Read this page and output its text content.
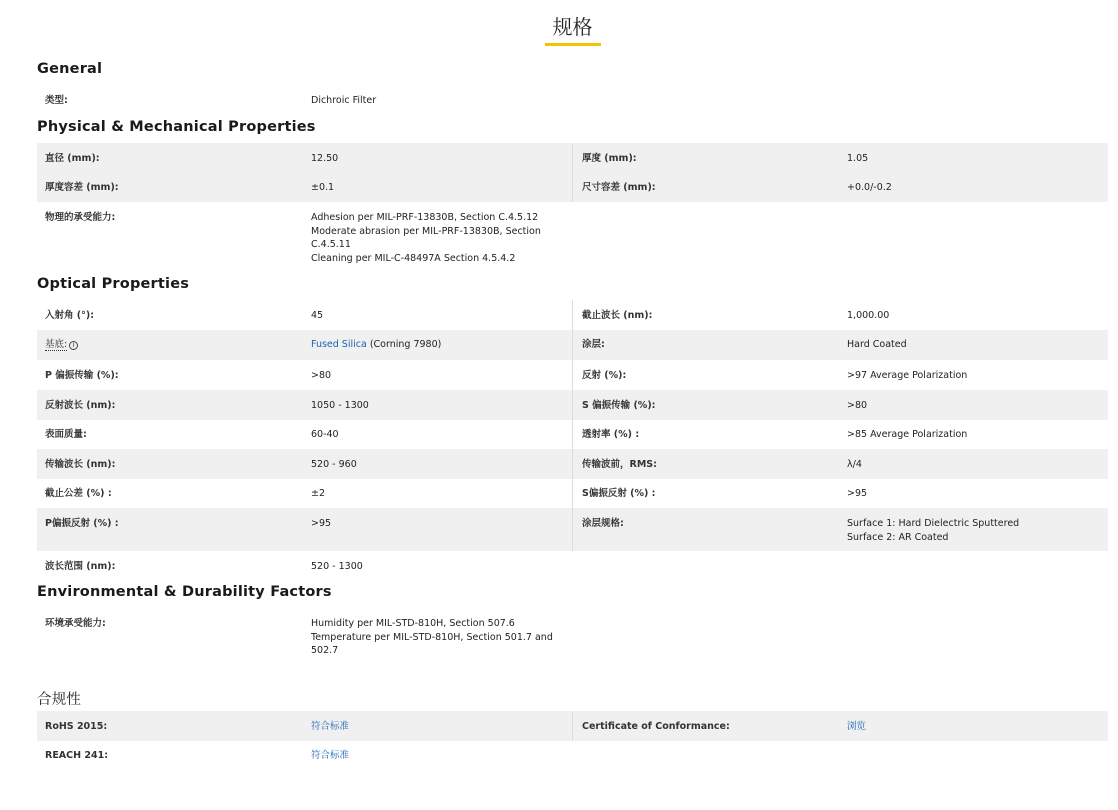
规格
General
类型:	Dichroic Filter
Physical & Mechanical Properties
直径 (mm):	12.50	厚度 (mm):	1.05
厚度容差 (mm):	±0.1	尺寸容差 (mm):	+0.0/-0.2
物理的承受能力:	Adhesion per MIL-PRF-13830B, Section C.4.5.12
Moderate abrasion per MIL-PRF-13830B, Section
C.4.5.11
Cleaning per MIL-C-48497A Section 4.5.4.2
Optical Properties
入射角 (°):	45	截止波长 (nm):	1,000.00
基底: i	Fused Silica (Corning 7980)	涂层:	Hard Coated
P 偏振传输 (%):	>80	反射 (%):	>97 Average Polarization
反射波长 (nm):	1050 - 1300	S 偏振传输 (%):	>80
表面质量:	60-40	透射率 (%) :	>85 Average Polarization
传输波长 (nm):	520 - 960	传输波前，RMS:	λ/4
截止公差 (%) :	±2	S偏振反射 (%) :	>95
P偏振反射 (%) :	>95	涂层规格:	Surface 1: Hard Dielectric Sputtered
Surface 2: AR Coated
波长范围 (nm):	520 - 1300
Environmental & Durability Factors
环境承受能力:	Humidity per MIL-STD-810H, Section 507.6
Temperature per MIL-STD-810H, Section 501.7 and
502.7
合规性
RoHS 2015:	符合标准	Certificate of Conformance:	浏览
REACH 241:	符合标准
